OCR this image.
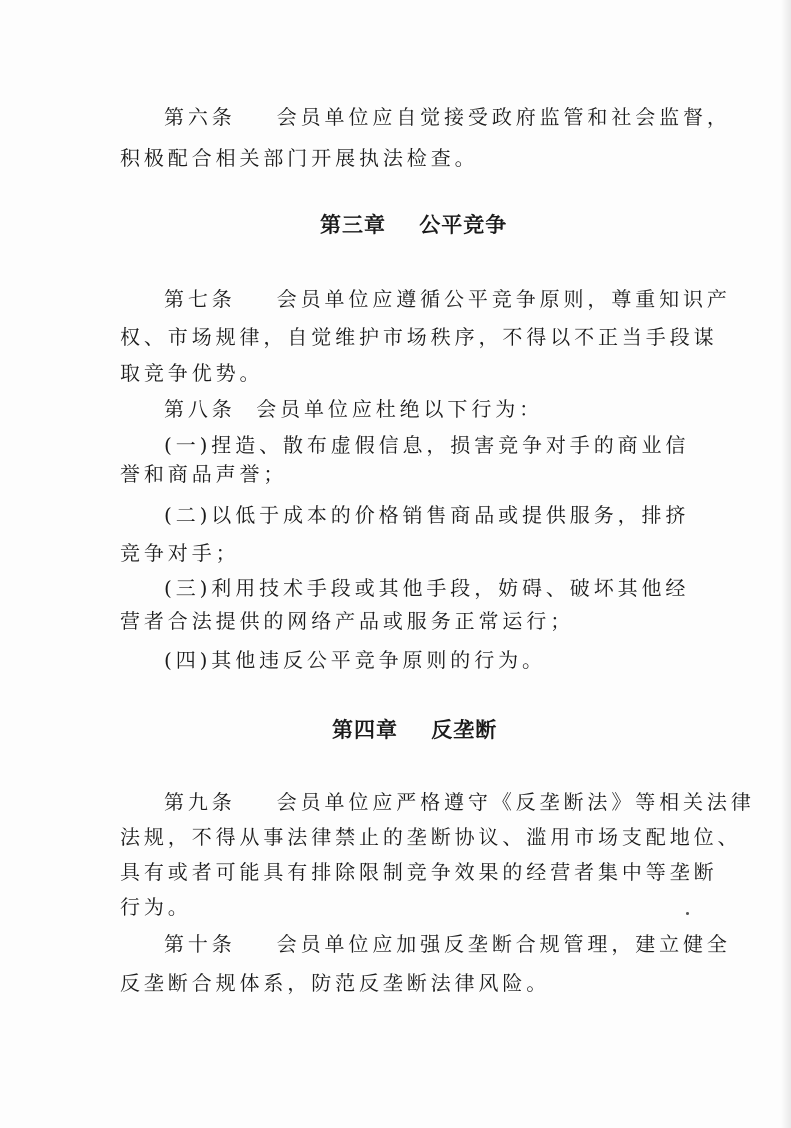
第六条    会员单位应自觉接受政府监管和社会监督，
积极配合相关部门开展执法检查。
第三章    公平竞争
第七条    会员单位应遵循公平竞争原则，尊重知识产
权、市场规律，自觉维护市场秩序，不得以不正当手段谋
取竞争优势。
第八条  会员单位应杜绝以下行为：
(一)捏造、散布虚假信息，损害竞争对手的商业信
誉和商品声誉；
(二)以低于成本的价格销售商品或提供服务，排挤
竞争对手；
(三)利用技术手段或其他手段，妨碍、破坏其他经
营者合法提供的网络产品或服务正常运行；
(四)其他违反公平竞争原则的行为。
第四章    反垄断
第九条    会员单位应严格遵守《反垄断法》等相关法律
法规，不得从事法律禁止的垄断协议、滥用市场支配地位、
具有或者可能具有排除限制竞争效果的经营者集中等垄断
行为。
第十条    会员单位应加强反垄断合规管理，建立健全
反垄断合规体系，防范反垄断法律风险。
